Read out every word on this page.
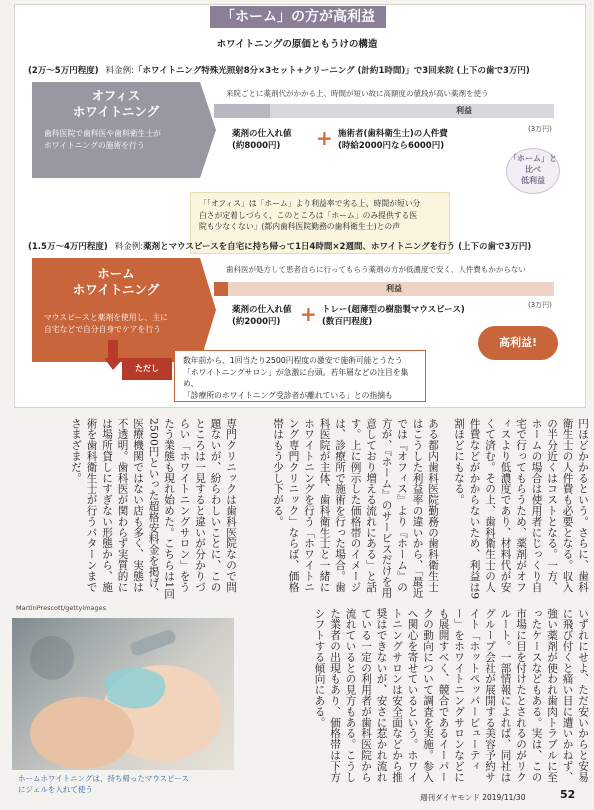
「ホーム」の方が高利益
ホワイトニングの原価ともうけの構造
(2万〜5万円程度) 料金例:「ホワイトニング特殊光照射8分×3セット+クリーニング (計約1時間)」で3回来院 (上下の歯で3万円)
オフィス
ホワイトニング
歯科医院で歯科医や歯科衛生士が
ホワイトニングの施術を行う
来院ごとに薬剤代がかかる上、時間が短い故に高額度の値段が高い薬剤を使う
利益
(3万円)
薬剤の仕入れ値
(約8000円)	+ 施術者(歯科衛生士)の人件費
(時給2000円なら6000円)
「ホーム」と
比べ
低利益
「「オフィス」は「ホーム」より利益率で劣る上、時間が短い分
白さが定着しづらく、このところは「ホーム」のみ提供する医
院も少なくない」(都内歯科医院勤務の歯科衛生士)との声
(1.5万〜4万円程度) 料金例:薬剤とマウスピースを自宅に持ち帰って1日4時間×2週間、ホワイトニングを行う (上下の歯で3万円)
ホーム
ホワイトニング
マウスピースと薬剤を使用し、主に
自宅などで自分自身でケアを行う
歯科医が処方して患者自らに行ってもらう薬剤の方が低濃度で安く、人件費もかからない
利益
(3万円)
薬剤の仕入れ値
(約2000円) + トレー(超薄型の樹脂製マウスピース)
(数百円程度)
高利益!
ただし
数年前から、1回当たり2500円程度の激安で施術可能とうたう
「ホワイトニングサロン」が急激に台頭。若年層などの注目を集め、
「診療所のホワイトニング受診者が離れている」との指摘も
円ほどかかるという。さらに、歯科衛生士の人件費も必要となる。収入の半分近くはコストとなる。一方、ホームの場合は使用者にじっくり自宅で行ってもらうため、薬剤がオフィスより低濃度であり、材料代が安くて済む。その上、歯科衛生士の人件費などがかからないため、利益は9割ほどにもなる。
ある都内歯科医院勤務の歯科衛生士はこうした利益率の違いから、「最近では『オフィス』より『ホーム』の方が、『ホーム』のサービスだけを用意しており増える流れにある」と話す。上に例示した価格帯のイメージは、診療所で施術を行った場合。歯科医院が主体、歯科衛生士と一緒にホワイトニングを行う「ホワイトニング専門クリニック」ならば、価格帯はもう少し下がる。
専門クリニックは歯科医院なので問題ないが、紛らわしいことに、このところは一見すると違いが分かりづらい「ホワイトニングサロン」をうたう業態も現れ始めた。こちらは1回2500円といった超格安料金を掲げ、医療機関ではない店も多く、実態は不透明。歯科医が関わらず実質的には場所貸しにすぎない形態から、施術を歯科衛生士が行うパターンまでさまざまだ。
いずれにせよ、ただ安いからと安易に飛び付くと痛い目に遭いかねず、強い薬剤が使われ歯肉トラブルに至ったケースなどもある。実は、この市場に目を付けたとされるのがリクルート。一部情報によれば、同社はグループ会社が展開する美容予約サイト「ホットペッパービューティー」をホワイトニングサロンなどにも展開すべく、競合であるイーパークの動向について調査を実施。参入へ関心を寄せているという。ホワイトニングサロンは安全面などから推奨はできないが、安さに惹かれ流れている一定の利用者が歯科医院から流れているとの見方もある。こうした業者の出現もあり、価格帯は下方シフトする傾向にある。
MartinPrescott/gettyimages
ホームホワイトニングは、持ち帰ったマウスピース
にジェルを入れて使う
週刊ダイヤモンド 2019/11/30	52
